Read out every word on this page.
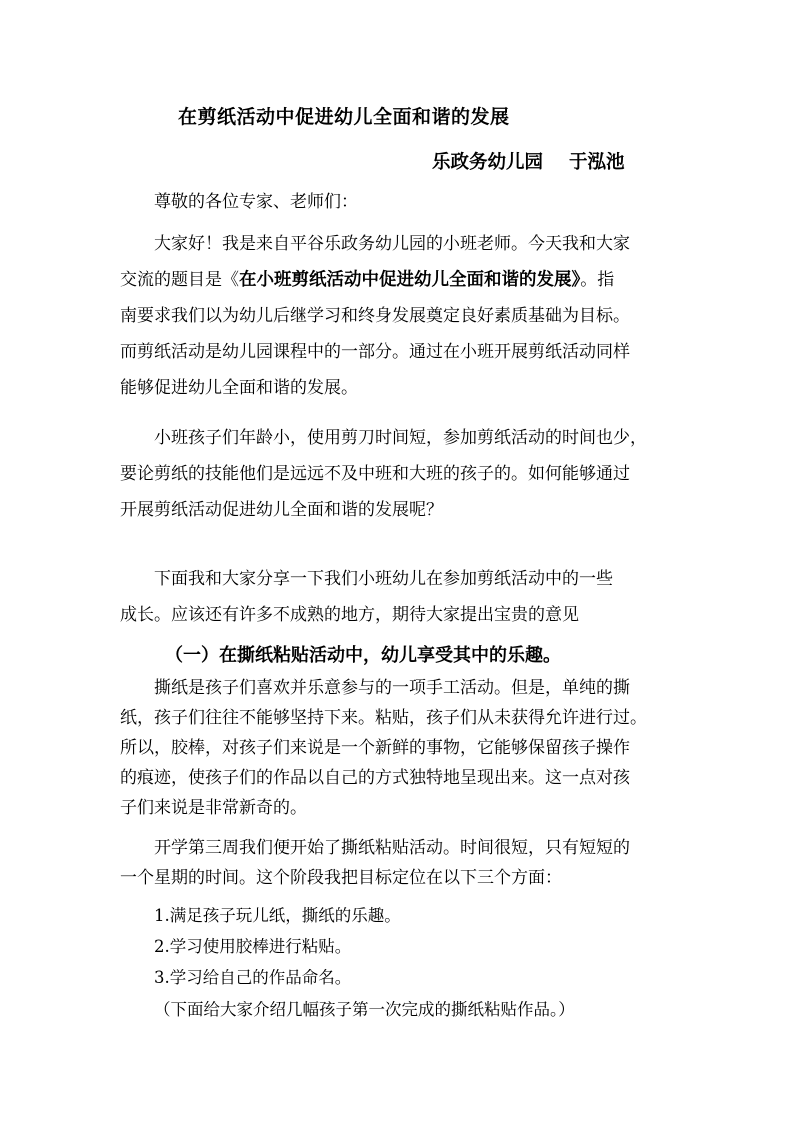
在剪纸活动中促进幼儿全面和谐的发展
乐政务幼儿园 于泓池
尊敬的各位专家、老师们：
大家好！我是来自平谷乐政务幼儿园的小班老师。今天我和大家
交流的题目是《在小班剪纸活动中促进幼儿全面和谐的发展》。指
南要求我们以为幼儿后继学习和终身发展奠定良好素质基础为目标。
而剪纸活动是幼儿园课程中的一部分。通过在小班开展剪纸活动同样
能够促进幼儿全面和谐的发展。
小班孩子们年龄小，使用剪刀时间短，参加剪纸活动的时间也少，
要论剪纸的技能他们是远远不及中班和大班的孩子的。如何能够通过
开展剪纸活动促进幼儿全面和谐的发展呢？
下面我和大家分享一下我们小班幼儿在参加剪纸活动中的一些
成长。应该还有许多不成熟的地方，期待大家提出宝贵的意见
（一）在撕纸粘贴活动中，幼儿享受其中的乐趣。
撕纸是孩子们喜欢并乐意参与的一项手工活动。但是，单纯的撕
纸，孩子们往往不能够坚持下来。粘贴，孩子们从未获得允许进行过。
所以，胶棒，对孩子们来说是一个新鲜的事物，它能够保留孩子操作
的痕迹，使孩子们的作品以自己的方式独特地呈现出来。这一点对孩
子们来说是非常新奇的。
开学第三周我们便开始了撕纸粘贴活动。时间很短，只有短短的
一个星期的时间。这个阶段我把目标定位在以下三个方面：
1.满足孩子玩儿纸，撕纸的乐趣。
2.学习使用胶棒进行粘贴。
3.学习给自己的作品命名。
（下面给大家介绍几幅孩子第一次完成的撕纸粘贴作品。）
